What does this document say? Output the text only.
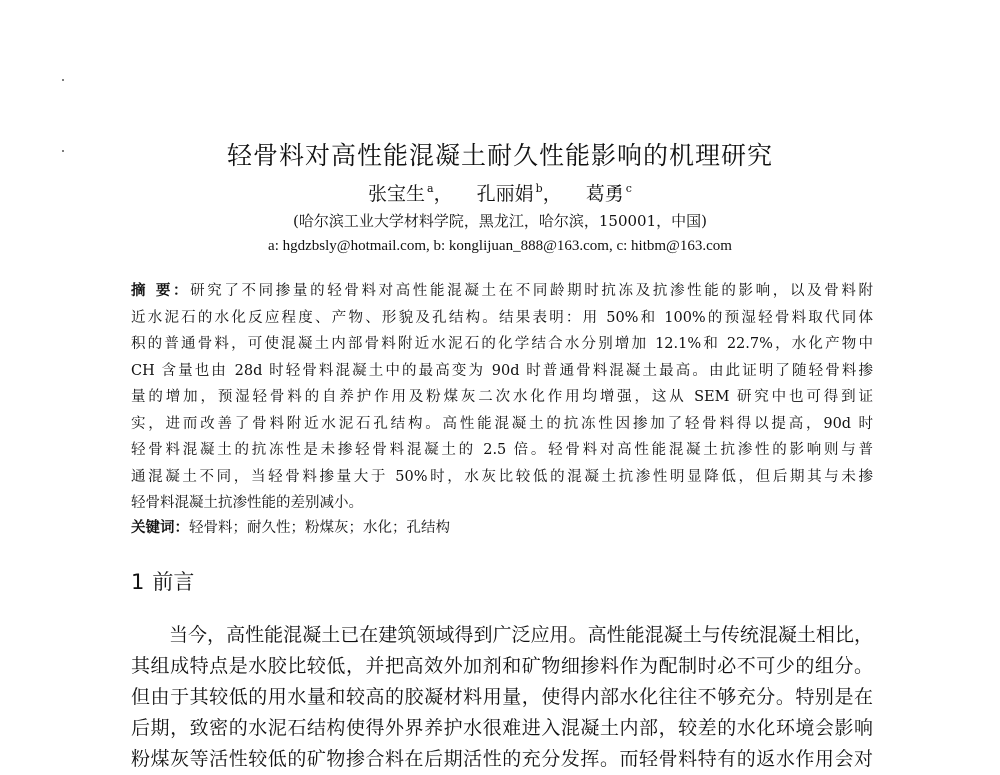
轻骨料对高性能混凝土耐久性能影响的机理研究
张宝生 $^a$， 孔丽娟 $^b$， 葛勇 $^c$
(哈尔滨工业大学材料学院，黑龙江，哈尔滨，150001，中国)
a: hgdzbsly@hotmail.com, b: konglijuan_888@163.com, c: hitbm@163.com
摘 要：研究了不同掺量的轻骨料对高性能混凝土在不同龄期时抗冻及抗渗性能的影响，以及骨料附
近水泥石的水化反应程度、产物、形貌及孔结构。结果表明：用 50%和 100%的预湿轻骨料取代同体
积的普通骨料，可使混凝土内部骨料附近水泥石的化学结合水分别增加 12.1%和 22.7%，水化产物中
CH 含量也由 28d 时轻骨料混凝土中的最高变为 90d 时普通骨料混凝土最高。由此证明了随轻骨料掺
量的增加，预湿轻骨料的自养护作用及粉煤灰二次水化作用均增强，这从 SEM 研究中也可得到证
实，进而改善了骨料附近水泥石孔结构。高性能混凝土的抗冻性因掺加了轻骨料得以提高，90d 时
轻骨料混凝土的抗冻性是未掺轻骨料混凝土的 2.5 倍。轻骨料对高性能混凝土抗渗性的影响则与普
通混凝土不同，当轻骨料掺量大于 50%时，水灰比较低的混凝土抗渗性明显降低，但后期其与未掺
轻骨料混凝土抗渗性能的差别减小。
关键词：轻骨料；耐久性；粉煤灰；水化；孔结构
1 前言
当今，高性能混凝土已在建筑领域得到广泛应用。高性能混凝土与传统混凝土相比，
其组成特点是水胶比较低，并把高效外加剂和矿物细掺料作为配制时必不可少的组分。
但由于其较低的用水量和较高的胶凝材料用量，使得内部水化往往不够充分。特别是在
后期，致密的水泥石结构使得外界养护水很难进入混凝土内部，较差的水化环境会影响
粉煤灰等活性较低的矿物掺合料在后期活性的充分发挥。而轻骨料特有的返水作用会对
